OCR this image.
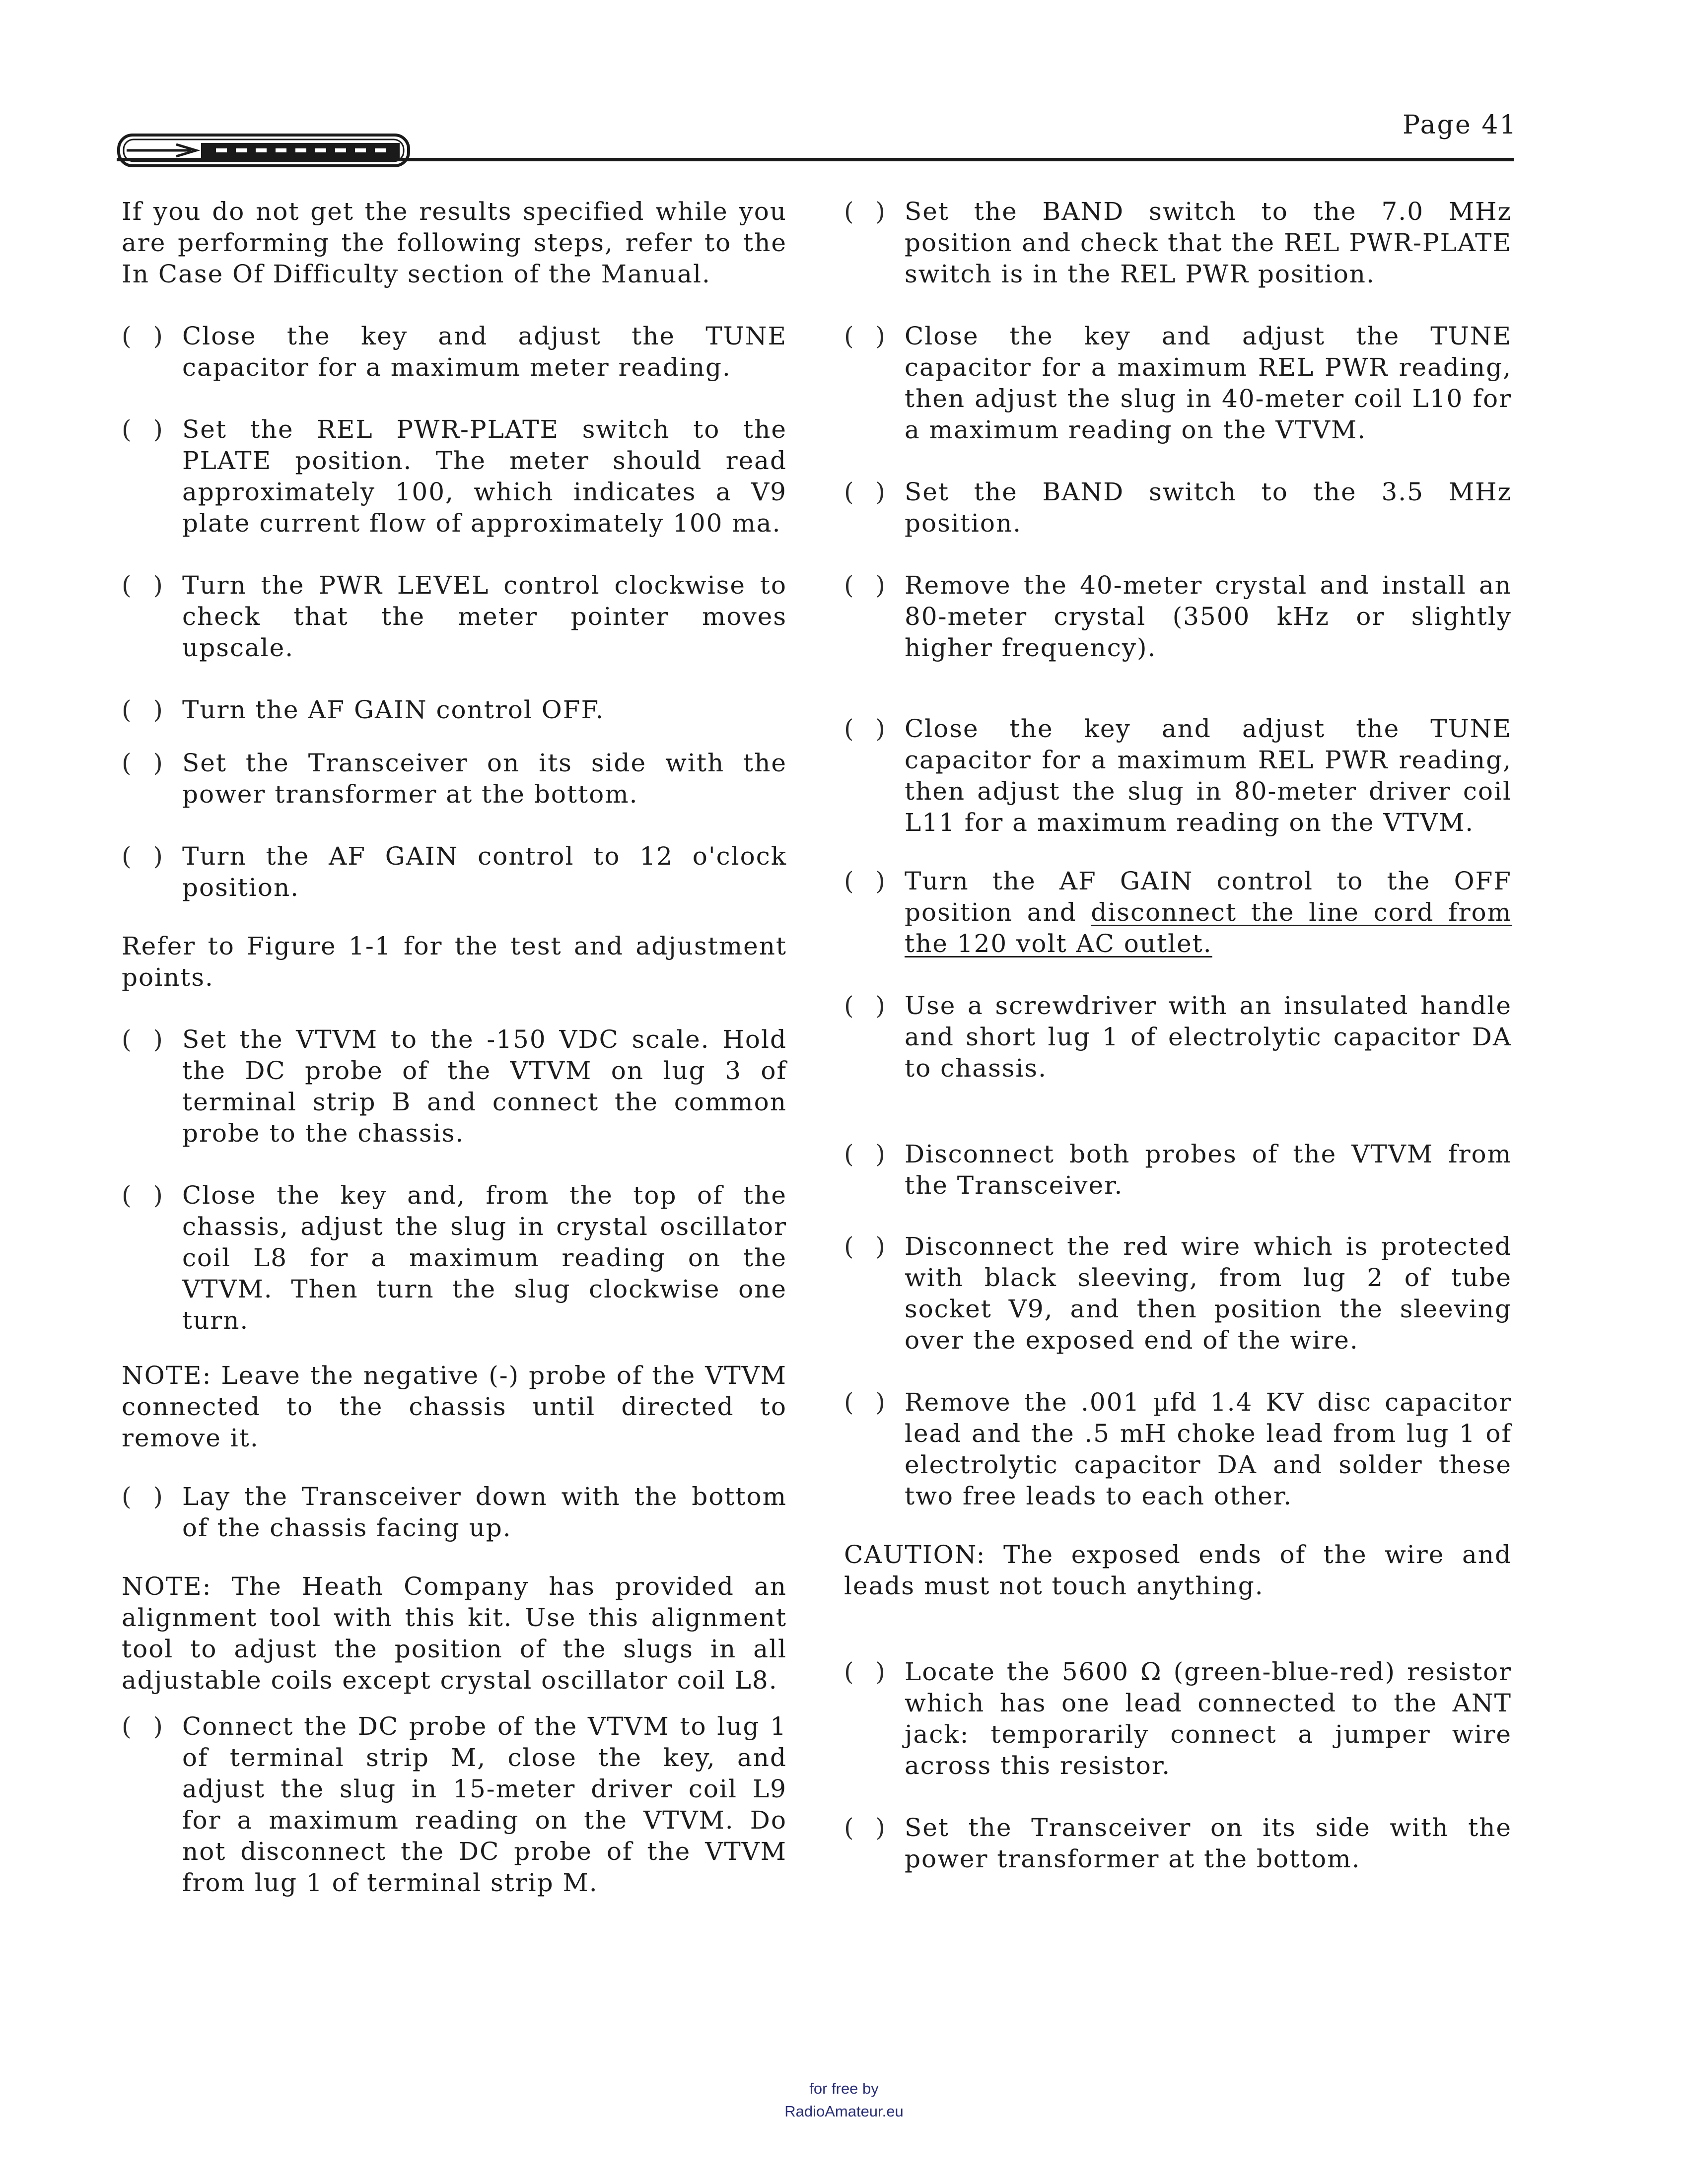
Page 41

If you do not get the results specified while you are performing the following steps, refer to the In Case Of Difficulty section of the Manual.

( ) Close the key and adjust the TUNE capacitor for a maximum meter reading.

( ) Set the REL PWR-PLATE switch to the PLATE position. The meter should read approximately 100, which indicates a V9 plate current flow of approximately 100 ma.

( ) Turn the PWR LEVEL control clockwise to check that the meter pointer moves upscale.

( ) Turn the AF GAIN control OFF.

( ) Set the Transceiver on its side with the power transformer at the bottom.

( ) Turn the AF GAIN control to 12 o'clock position.

Refer to Figure 1-1 for the test and adjustment points.

( ) Set the VTVM to the -150 VDC scale. Hold the DC probe of the VTVM on lug 3 of terminal strip B and connect the common probe to the chassis.

( ) Close the key and, from the top of the chassis, adjust the slug in crystal oscillator coil L8 for a maximum reading on the VTVM. Then turn the slug clockwise one turn.

NOTE: Leave the negative (-) probe of the VTVM connected to the chassis until directed to remove it.

( ) Lay the Transceiver down with the bottom of the chassis facing up.

NOTE: The Heath Company has provided an alignment tool with this kit. Use this alignment tool to adjust the position of the slugs in all adjustable coils except crystal oscillator coil L8.

( ) Connect the DC probe of the VTVM to lug 1 of terminal strip M, close the key, and adjust the slug in 15-meter driver coil L9 for a maximum reading on the VTVM. Do not disconnect the DC probe of the VTVM from lug 1 of terminal strip M.

( ) Set the BAND switch to the 7.0 MHz position and check that the REL PWR-PLATE switch is in the REL PWR position.

( ) Close the key and adjust the TUNE capacitor for a maximum REL PWR reading, then adjust the slug in 40-meter coil L10 for a maximum reading on the VTVM.

( ) Set the BAND switch to the 3.5 MHz position.

( ) Remove the 40-meter crystal and install an 80-meter crystal (3500 kHz or slightly higher frequency).

( ) Close the key and adjust the TUNE capacitor for a maximum REL PWR reading, then adjust the slug in 80-meter driver coil L11 for a maximum reading on the VTVM.

( ) Turn the AF GAIN control to the OFF position and disconnect the line cord from the 120 volt AC outlet.

( ) Use a screwdriver with an insulated handle and short lug 1 of electrolytic capacitor DA to chassis.

( ) Disconnect both probes of the VTVM from the Transceiver.

( ) Disconnect the red wire which is protected with black sleeving, from lug 2 of tube socket V9, and then position the sleeving over the exposed end of the wire.

( ) Remove the .001 µfd 1.4 KV disc capacitor lead and the .5 mH choke lead from lug 1 of electrolytic capacitor DA and solder these two free leads to each other.

CAUTION: The exposed ends of the wire and leads must not touch anything.

( ) Locate the 5600 Ω (green-blue-red) resistor which has one lead connected to the ANT jack: temporarily connect a jumper wire across this resistor.

( ) Set the Transceiver on its side with the power transformer at the bottom.

for free by
RadioAmateur.eu
